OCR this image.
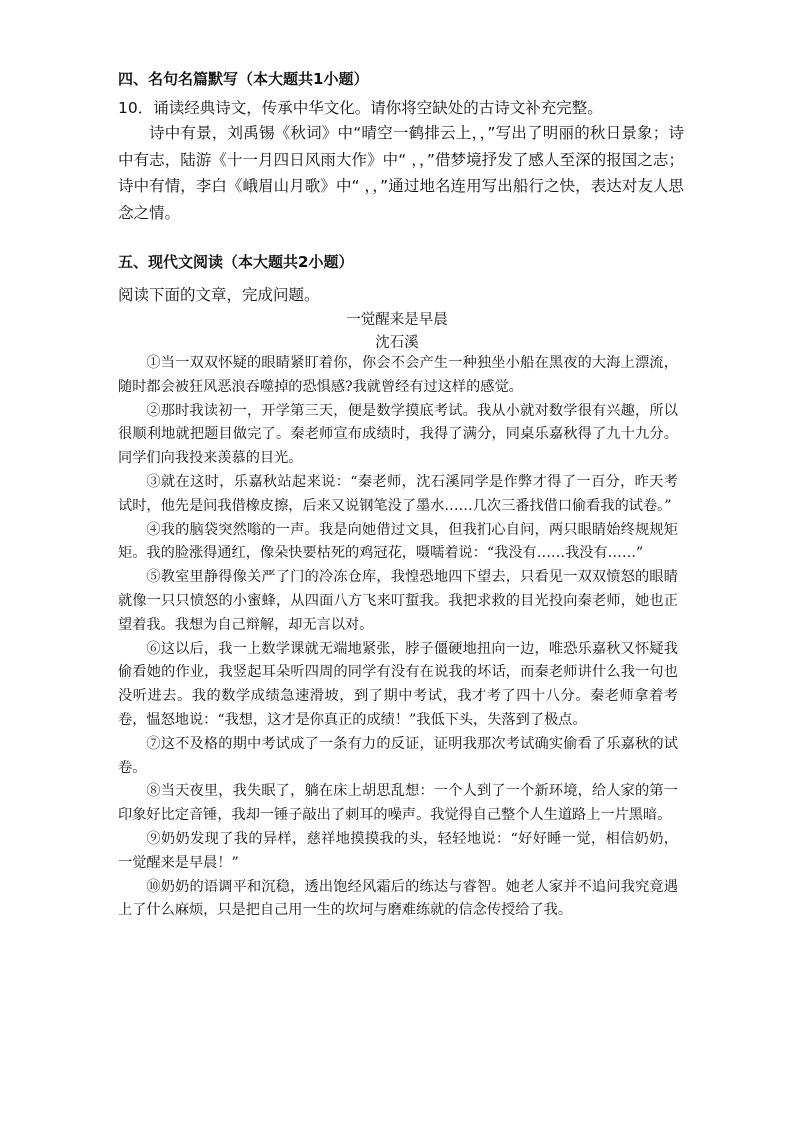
四、名句名篇默写（本大题共1小题）
10．诵读经典诗文，传承中华文化。请你将空缺处的古诗文补充完整。
诗中有景，刘禹锡《秋词》中“晴空一鹤排云上，，”写出了明丽的秋日景象；诗中有志，陆游《十一月四日风雨大作》中“ ，，”借梦境抒发了感人至深的报国之志；诗中有情，李白《峨眉山月歌》中“ ，，”通过地名连用写出船行之快，表达对友人思念之情。
五、现代文阅读（本大题共2小题）
阅读下面的文章，完成问题。
一觉醒来是早晨
沈石溪

①当一双双怀疑的眼睛紧盯着你，你会不会产生一种独坐小船在黑夜的大海上漂流，随时都会被狂风恶浪吞噬掉的恐惧感?我就曾经有过这样的感觉。

②那时我读初一，开学第三天，便是数学摸底考试。我从小就对数学很有兴趣，所以很顺利地就把题目做完了。秦老师宣布成绩时，我得了满分，同桌乐嘉秋得了九十九分。同学们向我投来羡慕的目光。

③就在这时，乐嘉秋站起来说：“秦老师，沈石溪同学是作弊才得了一百分，昨天考试时，他先是问我借橡皮擦，后来又说钢笔没了墨水……几次三番找借口偷看我的试卷。”

④我的脑袋突然嗡的一声。我是向她借过文具，但我扪心自问，两只眼睛始终规规矩矩。我的脸涨得通红，像朵快要枯死的鸡冠花，嗫嚅着说：“我没有……我没有……”

⑤教室里静得像关严了门的冷冻仓库，我惶恐地四下望去，只看见一双双愤怒的眼睛就像一只只愤怒的小蜜蜂，从四面八方飞来叮蜇我。我把求救的目光投向秦老师，她也正望着我。我想为自己辩解，却无言以对。

⑥这以后，我一上数学课就无端地紧张，脖子僵硬地扭向一边，唯恐乐嘉秋又怀疑我偷看她的作业，我竖起耳朵听四周的同学有没有在说我的坏话，而秦老师讲什么我一句也没听进去。我的数学成绩急速滑坡，到了期中考试，我才考了四十八分。秦老师拿着考卷，愠怒地说：“我想，这才是你真正的成绩！”我低下头，失落到了极点。

⑦这不及格的期中考试成了一条有力的反证，证明我那次考试确实偷看了乐嘉秋的试卷。

⑧当天夜里，我失眠了，躺在床上胡思乱想：一个人到了一个新环境，给人家的第一印象好比定音锤，我却一锤子敲出了刺耳的噪声。我觉得自己整个人生道路上一片黑暗。

⑨奶奶发现了我的异样，慈祥地摸摸我的头，轻轻地说：“好好睡一觉，相信奶奶，一觉醒来是早晨！”

⑩奶奶的语调平和沉稳，透出饱经风霜后的练达与睿智。她老人家并不追问我究竟遇上了什么麻烦，只是把自己用一生的坎坷与磨难练就的信念传授给了我。
